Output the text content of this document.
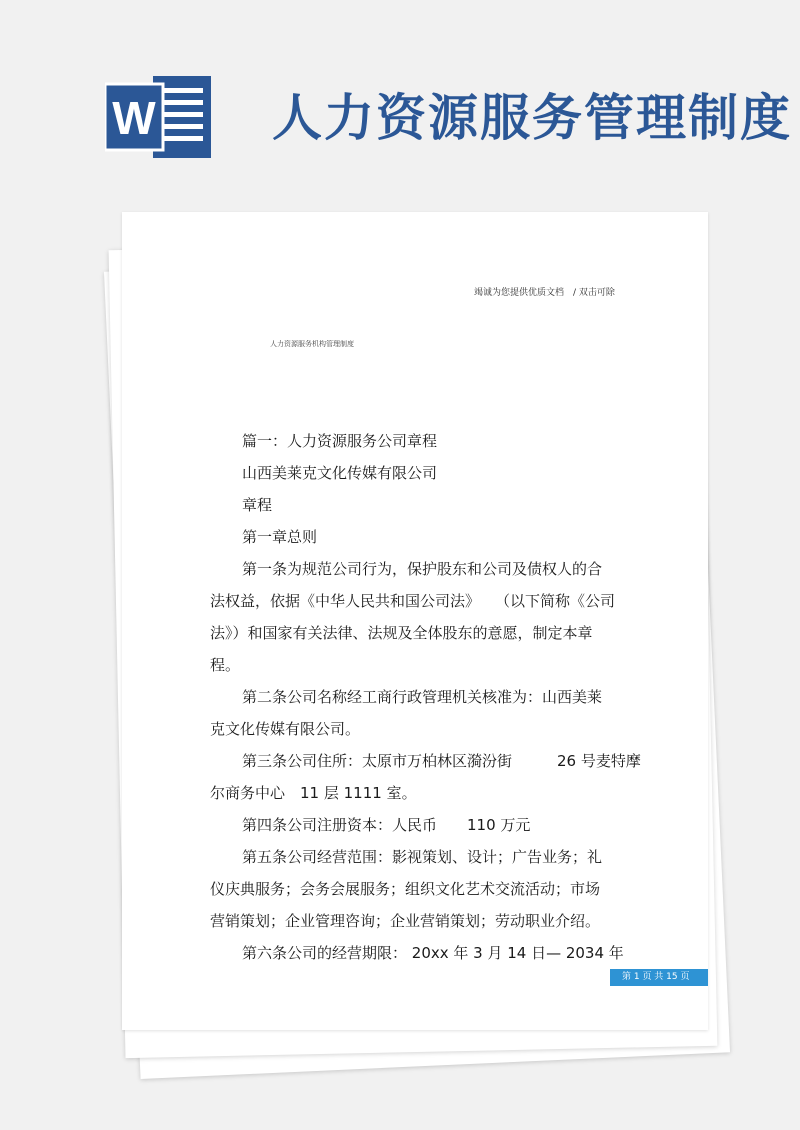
W 人力资源服务管理制度
竭诚为您提供优质文档 / 双击可除
人力资源服务机构管理制度
篇一：人力资源服务公司章程
山西美莱克文化传媒有限公司
章程
第一章总则
第一条为规范公司行为，保护股东和公司及债权人的合
法权益，依据《中华人民共和国公司法》　　（以下简称《公司
法》）和国家有关法律、法规及全体股东的意愿，制定本章
程。
第二条公司名称经工商行政管理机关核准为：山西美莱
克文化传媒有限公司。
第三条公司住所：太原市万柏林区漪汾街　　　26 号麦特摩
尔商务中心　11 层 1111 室。
第四条公司注册资本：人民币　　110 万元
第五条公司经营范围：影视策划、设计；广告业务；礼
仪庆典服务；会务会展服务；组织文化艺术交流活动；市场
营销策划；企业管理咨询；企业营销策划；劳动职业介绍。
第六条公司的经营期限： 20xx 年 3 月 14 日— 2034 年
第 1 页 共 15 页
